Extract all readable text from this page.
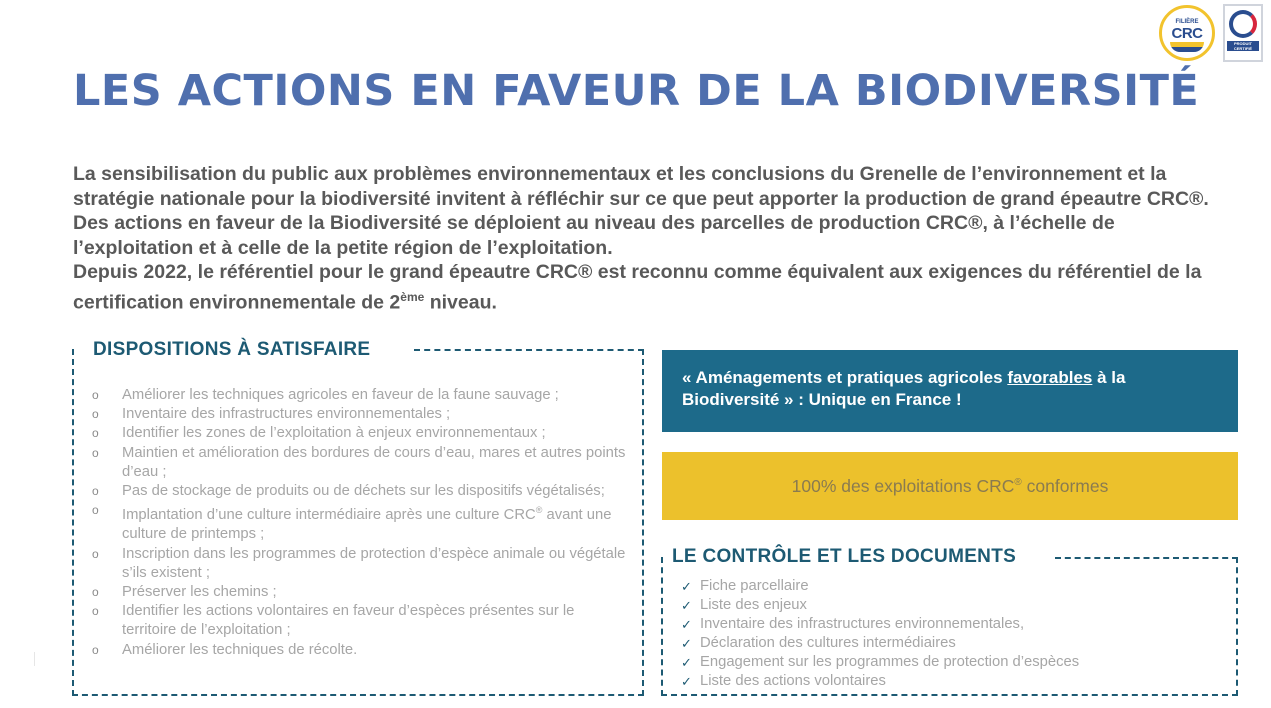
FILIÈRE
CRC
PRODUIT CERTIFIÉ
LES ACTIONS EN FAVEUR DE LA BIODIVERSITÉ

La sensibilisation du public aux problèmes environnementaux et les conclusions du Grenelle de l’environnement et la stratégie nationale pour la biodiversité invitent à réfléchir sur ce que peut apporter la production de grand épeautre CRC®.

Des actions en faveur de la Biodiversité se déploient au niveau des parcelles de production CRC®, à l’échelle de l’exploitation et à celle de la petite région de l’exploitation.

Depuis 2022, le référentiel pour le grand épeautre CRC® est reconnu comme équivalent aux exigences du référentiel de la certification environnementale de 2ème niveau.

DISPOSITIONS À SATISFAIRE
o Améliorer les techniques agricoles en faveur de la faune sauvage ;
o Inventaire des infrastructures environnementales ;
o Identifier les zones de l’exploitation à enjeux environnementaux ;
o Maintien et amélioration des bordures de cours d’eau, mares et autres points d’eau ;
o Pas de stockage de produits ou de déchets sur les dispositifs végétalisés;
o Implantation d’une culture intermédiaire après une culture CRC® avant une culture de printemps ;
o Inscription dans les programmes de protection d’espèce animale ou végétale s’ils existent ;
o Préserver les chemins ;
o Identifier les actions volontaires en faveur d’espèces présentes sur le territoire de l’exploitation ;
o Améliorer les techniques de récolte.
« Aménagements et pratiques agricoles favorables à la Biodiversité » : Unique en France !
100% des exploitations CRC® conformes
LE CONTRÔLE ET LES DOCUMENTS
✓ Fiche parcellaire
✓ Liste des enjeux
✓ Inventaire des infrastructures environnementales,
✓ Déclaration des cultures intermédiaires
✓ Engagement sur les programmes de protection d’espèces
✓ Liste des actions volontaires
